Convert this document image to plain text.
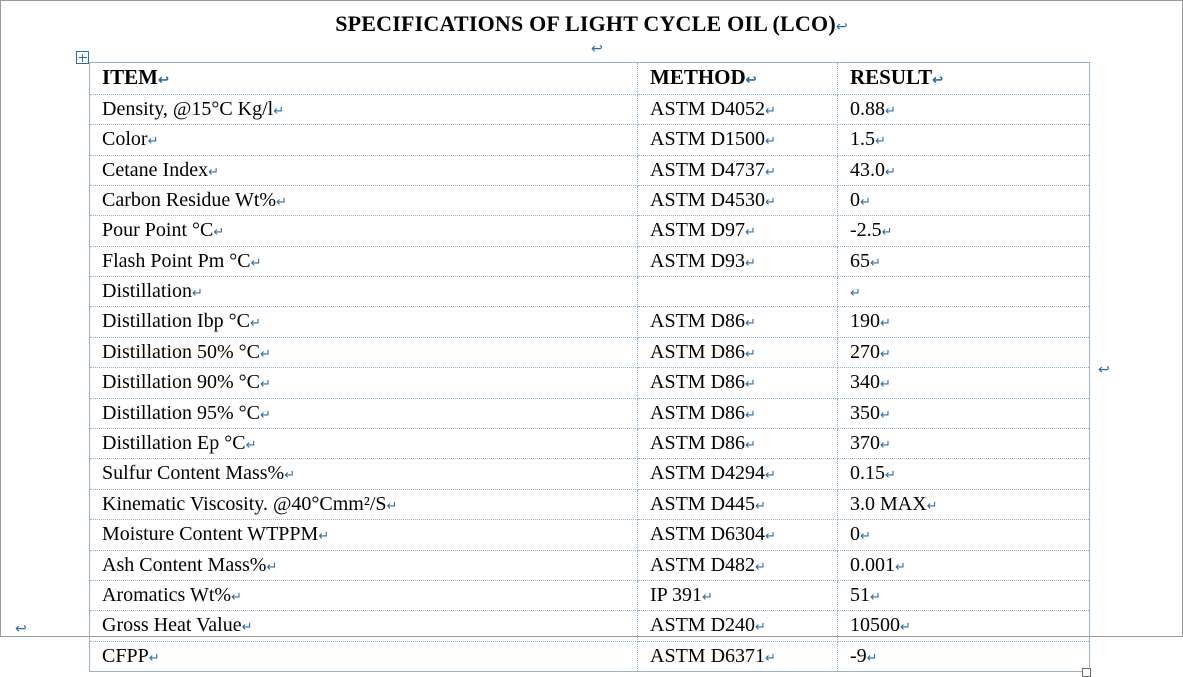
SPECIFICATIONS OF LIGHT CYCLE OIL (LCO)↩
↩
ITEM↩	METHOD↩	RESULT↩
Density, @15°C Kg/l↵	ASTM D4052↵	0.88↵
Color↵	ASTM D1500↵	1.5↵
Cetane Index↵	ASTM D4737↵	43.0↵
Carbon Residue Wt%↵	ASTM D4530↵	0↵
Pour Point °C↵	ASTM D97↵	-2.5↵
Flash Point Pm °C↵	ASTM D93↵	65↵
Distillation↵		↵
Distillation Ibp °C↵	ASTM D86↵	190↵
Distillation 50% °C↵	ASTM D86↵	270↵
Distillation 90% °C↵	ASTM D86↵	340↵
Distillation 95% °C↵	ASTM D86↵	350↵
Distillation Ep °C↵	ASTM D86↵	370↵
Sulfur Content Mass%↵	ASTM D4294↵	0.15↵
Kinematic Viscosity. @40°Cmm²/S↵	ASTM D445↵	3.0 MAX↵
Moisture Content WTPPM↵	ASTM D6304↵	0↵
Ash Content Mass%↵	ASTM D482↵	0.001↵
Aromatics Wt%↵	IP 391↵	51↵
Gross Heat Value↵	ASTM D240↵	10500↵
CFPP↵	ASTM D6371↵	-9↵
↩
↩
